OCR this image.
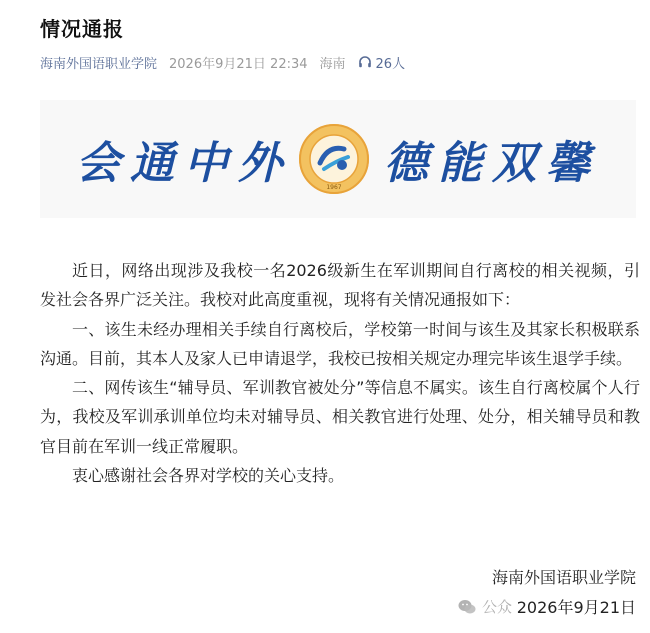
情况通报
海南外国语职业学院 2026年9月21日 22:34 海南 26人
会通中外	1967 德能双馨

近日，网络出现涉及我校一名2026级新生在军训期间自行离校的相关视频，引发社会各界广泛关注。我校对此高度重视，现将有关情况通报如下：

一、该生未经办理相关手续自行离校后，学校第一时间与该生及其家长积极联系沟通。目前，其本人及家人已申请退学，我校已按相关规定办理完毕该生退学手续。

二、网传该生“辅导员、军训教官被处分”等信息不属实。该生自行离校属个人行为，我校及军训承训单位均未对辅导员、相关教官进行处理、处分，相关辅导员和教官目前在军训一线正常履职。

衷心感谢社会各界对学校的关心支持。

海南外国语职业学院
公众 2026年9月21日
